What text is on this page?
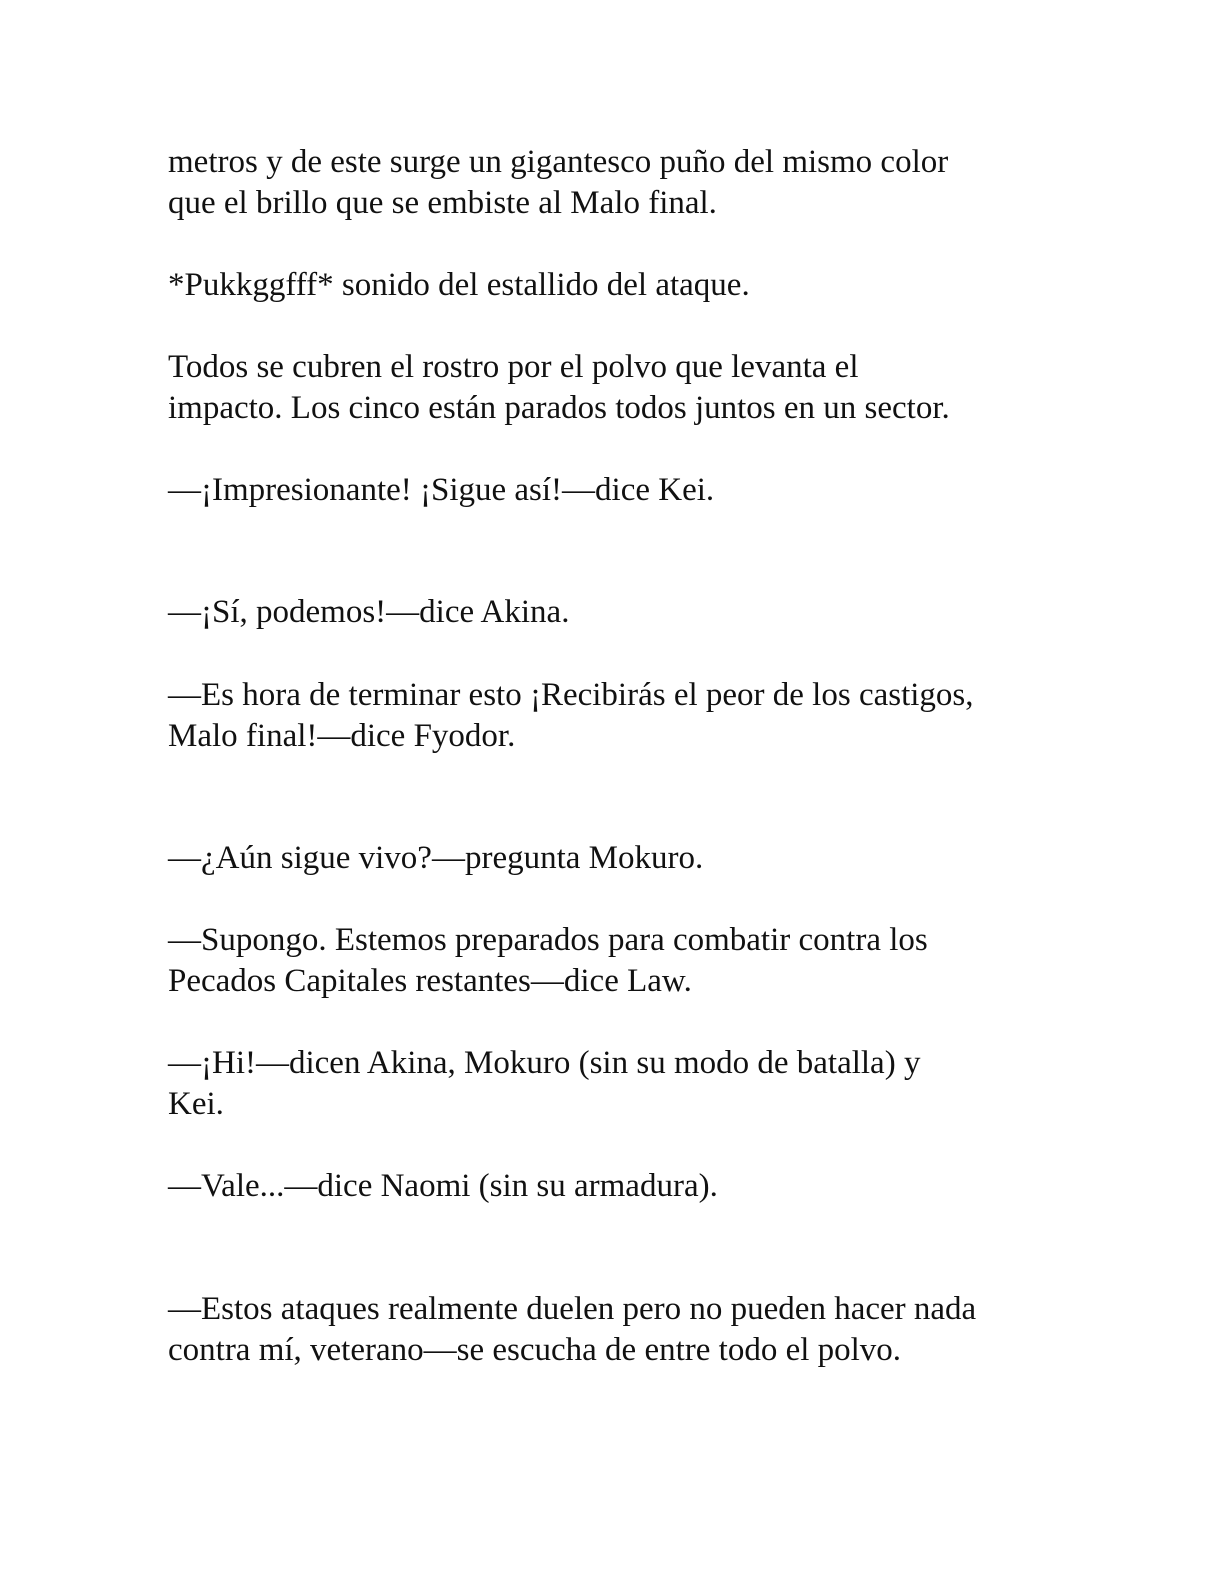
metros y de este surge un gigantesco puño del mismo color
que el brillo que se embiste al Malo final.

*Pukkggfff* sonido del estallido del ataque.

Todos se cubren el rostro por el polvo que levanta el
impacto. Los cinco están parados todos juntos en un sector.

—¡Impresionante! ¡Sigue así!—dice Kei.

—¡Sí, podemos!—dice Akina.

—Es hora de terminar esto ¡Recibirás el peor de los castigos,
Malo final!—dice Fyodor.

—¿Aún sigue vivo?—pregunta Mokuro.

—Supongo. Estemos preparados para combatir contra los
Pecados Capitales restantes—dice Law.

—¡Hi!—dicen Akina, Mokuro (sin su modo de batalla) y
Kei.

—Vale...—dice Naomi (sin su armadura).

—Estos ataques realmente duelen pero no pueden hacer nada
contra mí, veterano—se escucha de entre todo el polvo.
